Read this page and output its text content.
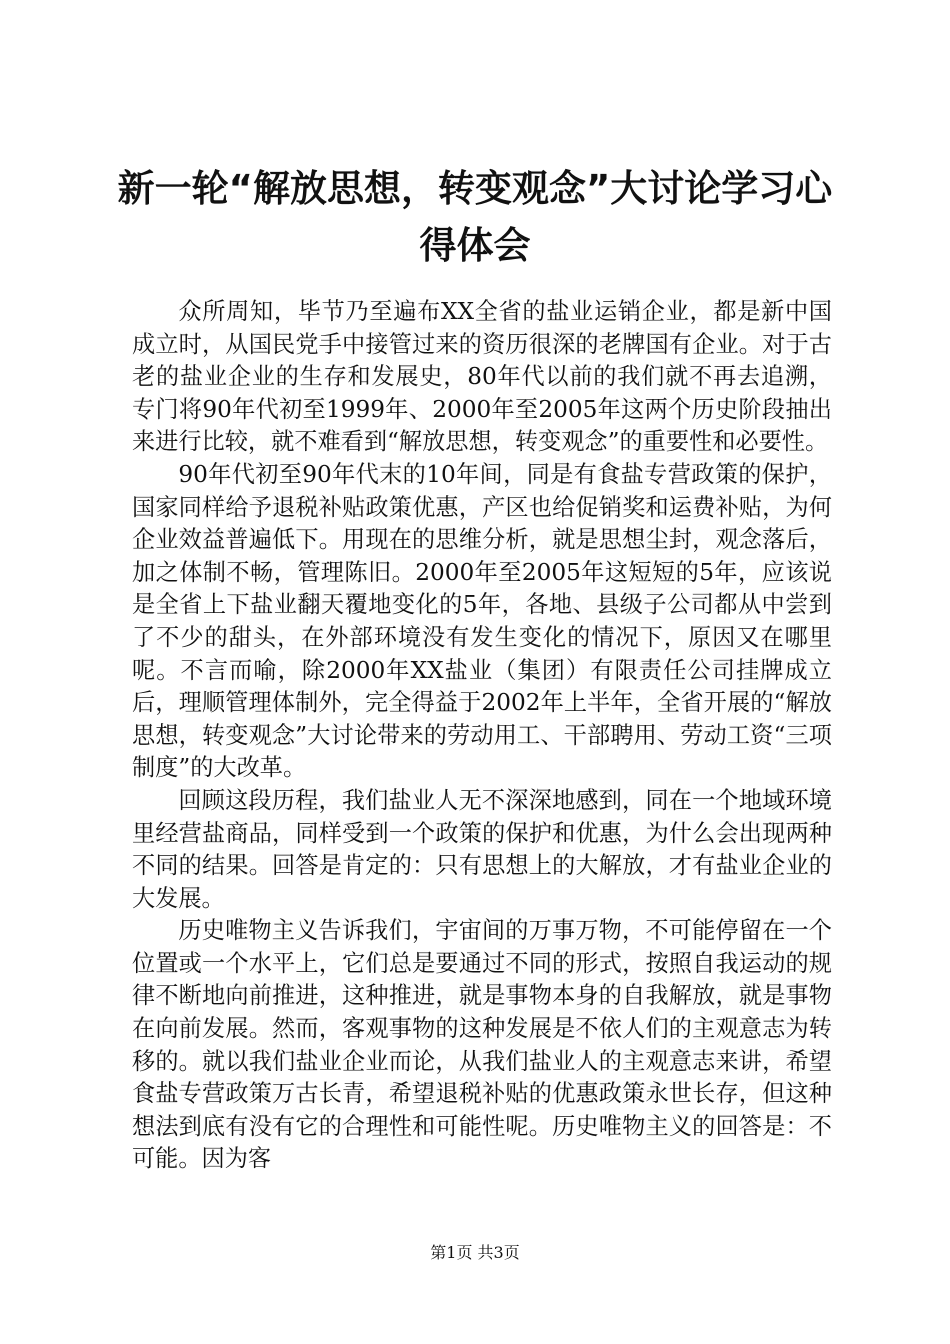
新一轮“解放思想，转变观念”大讨论学习心得体会

众所周知，毕节乃至遍布XX全省的盐业运销企业，都是新中国成立时，从国民党手中接管过来的资历很深的老牌国有企业。对于古老的盐业企业的生存和发展史，80年代以前的我们就不再去追溯，专门将90年代初至1999年、2000年至2005年这两个历史阶段抽出来进行比较，就不难看到“解放思想，转变观念”的重要性和必要性。

90年代初至90年代末的10年间，同是有食盐专营政策的保护，国家同样给予退税补贴政策优惠，产区也给促销奖和运费补贴，为何企业效益普遍低下。用现在的思维分析，就是思想尘封，观念落后，加之体制不畅，管理陈旧。2000年至2005年这短短的5年，应该说是全省上下盐业翻天覆地变化的5年，各地、县级子公司都从中尝到了不少的甜头，在外部环境没有发生变化的情况下，原因又在哪里呢。不言而喻，除2000年XX盐业（集团）有限责任公司挂牌成立后，理顺管理体制外，完全得益于2002年上半年，全省开展的“解放思想，转变观念”大讨论带来的劳动用工、干部聘用、劳动工资“三项制度”的大改革。

回顾这段历程，我们盐业人无不深深地感到，同在一个地域环境里经营盐商品，同样受到一个政策的保护和优惠，为什么会出现两种不同的结果。回答是肯定的：只有思想上的大解放，才有盐业企业的大发展。

历史唯物主义告诉我们，宇宙间的万事万物，不可能停留在一个位置或一个水平上，它们总是要通过不同的形式，按照自我运动的规律不断地向前推进，这种推进，就是事物本身的自我解放，就是事物在向前发展。然而，客观事物的这种发展是不依人们的主观意志为转移的。就以我们盐业企业而论，从我们盐业人的主观意志来讲，希望食盐专营政策万古长青，希望退税补贴的优惠政策永世长存，但这种想法到底有没有它的合理性和可能性呢。历史唯物主义的回答是：不可能。因为客

第1页 共3页
